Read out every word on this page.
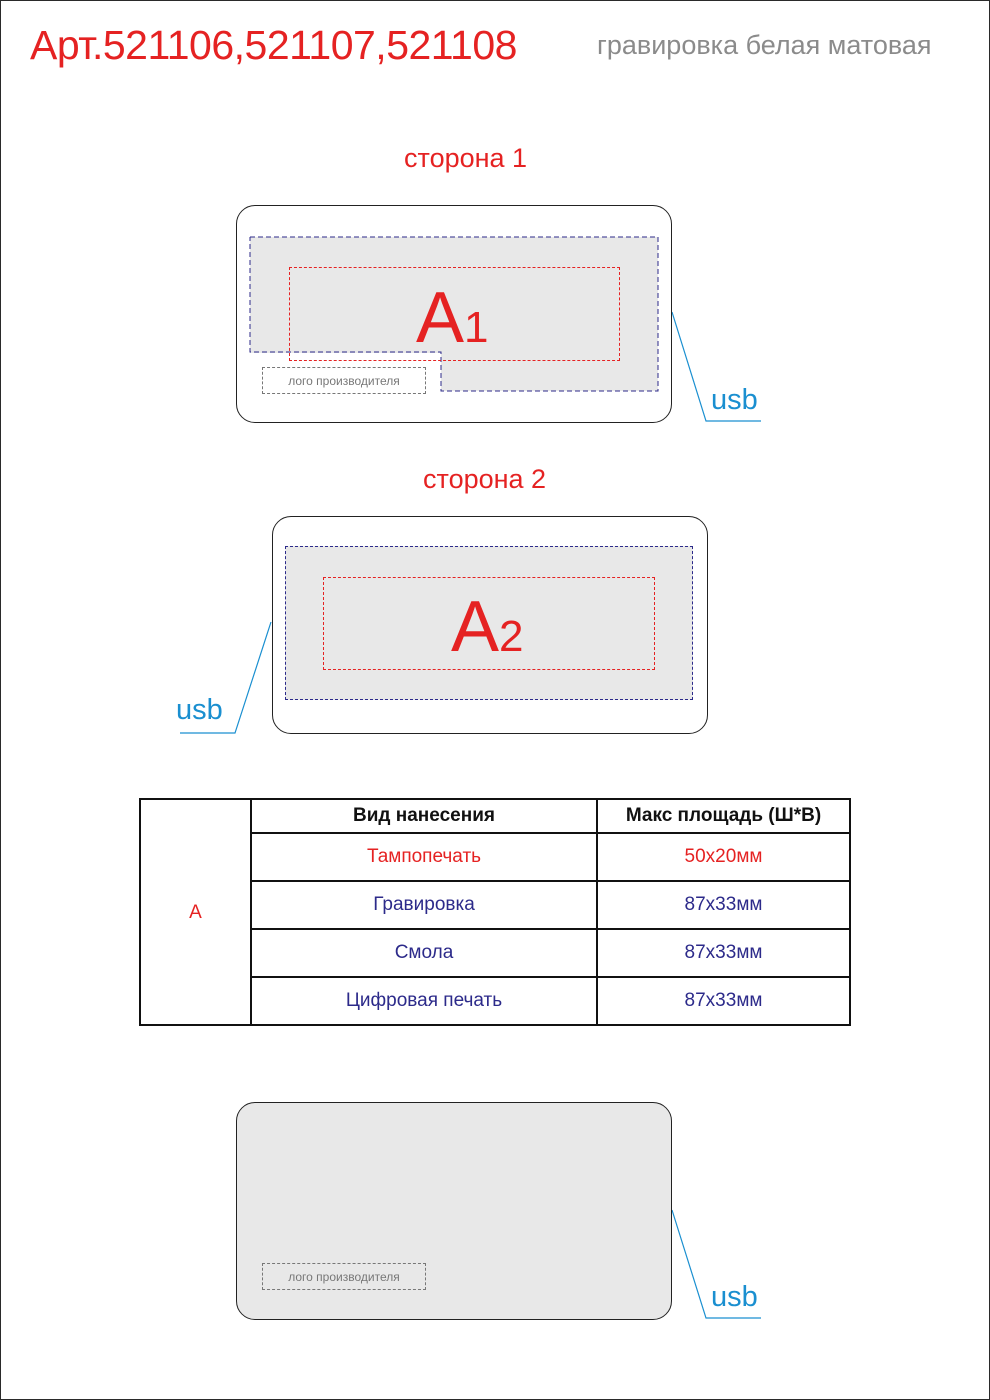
Арт.521106,521107,521108	гравировка белая матовая
сторона 1
A1
лого производителя
usb
сторона 2
A2
usb
A	Вид нанесения	Макс площадь (Ш*В)
	Тампопечать	50x20мм
	Гравировка	87x33мм
	Смола	87x33мм
	Цифровая печать	87x33мм
лого производителя
usb
